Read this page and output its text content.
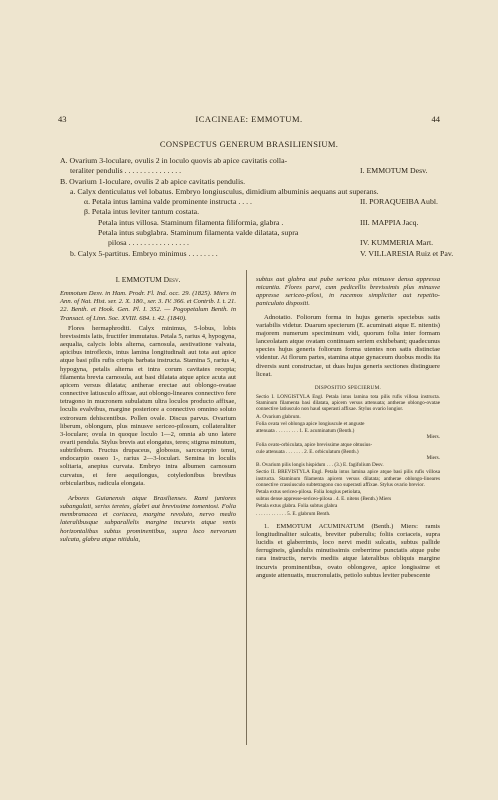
43	ICACINEAE: EMMOTUM.	44
CONSPECTUS GENERUM BRASILIENSIUM.
A. Ovarium 3-loculare, ovulis 2 in loculo quovis ab apice cavitatis colla-
teraliter pendulis . . . . . . . . . . . . . . .	I. EMMOTUM Desv.
B. Ovarium 1-loculare, ovulis 2 ab apice cavitatis pendulis.
a. Calyx denticulatus vel lobatus. Embryo longiusculus, dimidium albuminis aequans aut superans.
α. Petala intus lamina valde prominente instructa . . . .	II. PORAQUEIBA Aubl.
β. Petala intus leviter tantum costata.
Petala intus villosa. Staminum filamenta filiformia, glabra .	III. MAPPIA Jacq.
Petala intus subglabra. Staminum filamenta valde dilatata, supra
pilosa . . . . . . . . . . . . . . . .	IV. KUMMERIA Mart.
b. Calyx 5-partitus. Embryo minimus . . . . . . . .	V. VILLARESIA Ruiz et Pav.

I. EMMOTUM Desv.

Emmotum Desv. in Ham. Prodr. Fl. Ind. occ. 29. (1825). Miers in Ann. of Nat. Hist. ser. 2. X. 180., ser. 3. IV. 366. et Contrib. I. t. 21. 22. Benth. et Hook. Gen. Pl. I. 352. — Pogopetalum Benth. in Transact. of Linn. Soc. XVIII. 684. t. 42. (1840).

Flores hermaphroditi. Calyx minimus, 5-lobus, lobis brevissimis latis, fructifer immutatus. Petala 5, rarius 4, hypogyna, aequalia, calycis lobis alterna, carnosula, aestivatione valvata, apicibus introflexis, intus lamina longitudinali aut tota aut apice atque basi pilis rufis crispis barbata instructa. Stamina 5, rarius 4, hypogyna, petalis alterna et intra corum cavitates recepta; filamenta brevia carnosula, aut basi dilatata atque apice acuta aut apicem versus dilatata; antherae erectae aut oblongo-ovatae connective latiusculo affixae, aut oblongo-lineares connectivo fere tetragono in mucronem subulatum ultra loculos producto affixae, loculis evalvibus, margine posteriore a connectivo omnino soluto extrorsum dehiscentibus. Pollen ovale. Discus parvus. Ovarium liberum, oblongum, plus minusve sericeo-pilosum, collateraliter 3-loculare; ovula in quoque loculo 1—2, omnia ab uno latere ovarii pendula. Stylus brevis aut elongatus, teres; stigma minutum, subtrilobum. Fructus drupaceus, globosus, sarcocarpio tenui, endocarpio osseo 1-, rarius 2—3-loculari. Semina in loculis solitaria, anepius curvata. Embryo intra albumen carnosum curvatus, ei fere aequilongus, cotyledonibus brevibus orbicularibus, radicula elongata.

Arbores Guianensis atque Brasilienses. Rami juniores subangulati, seriss teretes, glabri aut brevissime tomentosi. Folia membranacea et coriacea, margine revoluto, nervo medio lateralibusque subparallelis margine incurvis atque venis horizontalibus subtus prominentibus, supra loco nervorum sulcata, glabra atque nitidula,

subtus aut glabra aut pube sericea plus minusve densa appressa micantia. Flores parvi, cum pedicellis brevissimis plus minusve appresse sericeo-pilosi, in racemos simpliciter aut repetito-paniculato dispositi.

Adnotatio. Foliorum forma in hujus generis speciebus satis variabilis videtur. Duarum specierum (E. acuminati atque E. nitentis) majorem numerum speciminum vidi, quorum folia inter formam lanceolatam atque ovatam continuam seriem exhibebant; quadecunus species hujus generis foliorum forma utentes non satis distinctae videntur. At florum partes, stamina atque gynaceum duobus modis ita diversis sunt constructae, ut duas hujus generis sectiones distinguere liceat.

DISPOSITIO SPECIERUM.

Sectio I. LONGISTYLA Engl. Petala intus lamina tota pilis rufis villosa instructa. Staminum filamenta basi dilatata, apicem versus attenuata; antherae oblongo-ovatae connective latiusculo non haud superasti affixae. Stylus ovario longior.
A. Ovarium glabrum.
Folia ovata vel oblonga apice longiuscule et anguste
attenuata . . . . . . . . . 1. E. acuminatum (Benth.)
Miers.
Folia ovato-orbiculata, apice brevissime atque obtusius-
cule attenuata . . . . . . . 2. E. orbiculatum (Benth.)
Miers.
B. Ovarium pilis longis hispidum . . . (3.) E. fagifolium Desv.
Sectio II. BREVISTYLA Engl. Petala intus lamina apice atque basi pilis rufis villosa instructa. Staminum filamenta apicem versus dilatata; antherae oblongo-lineares connective crassiusculo subtetragono cuo superasti affixae. Stylus ovario brevior.
Petala extus sericeo-pilosa. Folia longius petiolata,
subtus dense appresse-sericeo-pilosa . 4. E. nitens (Benth.) Miers
Petala extus glabra. Folia subtus glabra
. . . . . . . . . . . . 5. E. glabrum Benth.

1. EMMOTUM ACUMINATUM (Benth.) Miers: ramis longitudinaliter sulcatis, breviter puberulis; foliis coriaceis, supra lucidis et glaberrimis, loco nervi medii sulcatis, subtus pallide ferrugineis, glandulis minutissimis creberrime punctatis atque pube rara instructis, nervis mediis atque lateralibus obliquis margine incurvis prominentibus, ovato oblongove, apice longissime et anguste attenuatis, mucronulatis, petiolo subtus leviter pubescente
